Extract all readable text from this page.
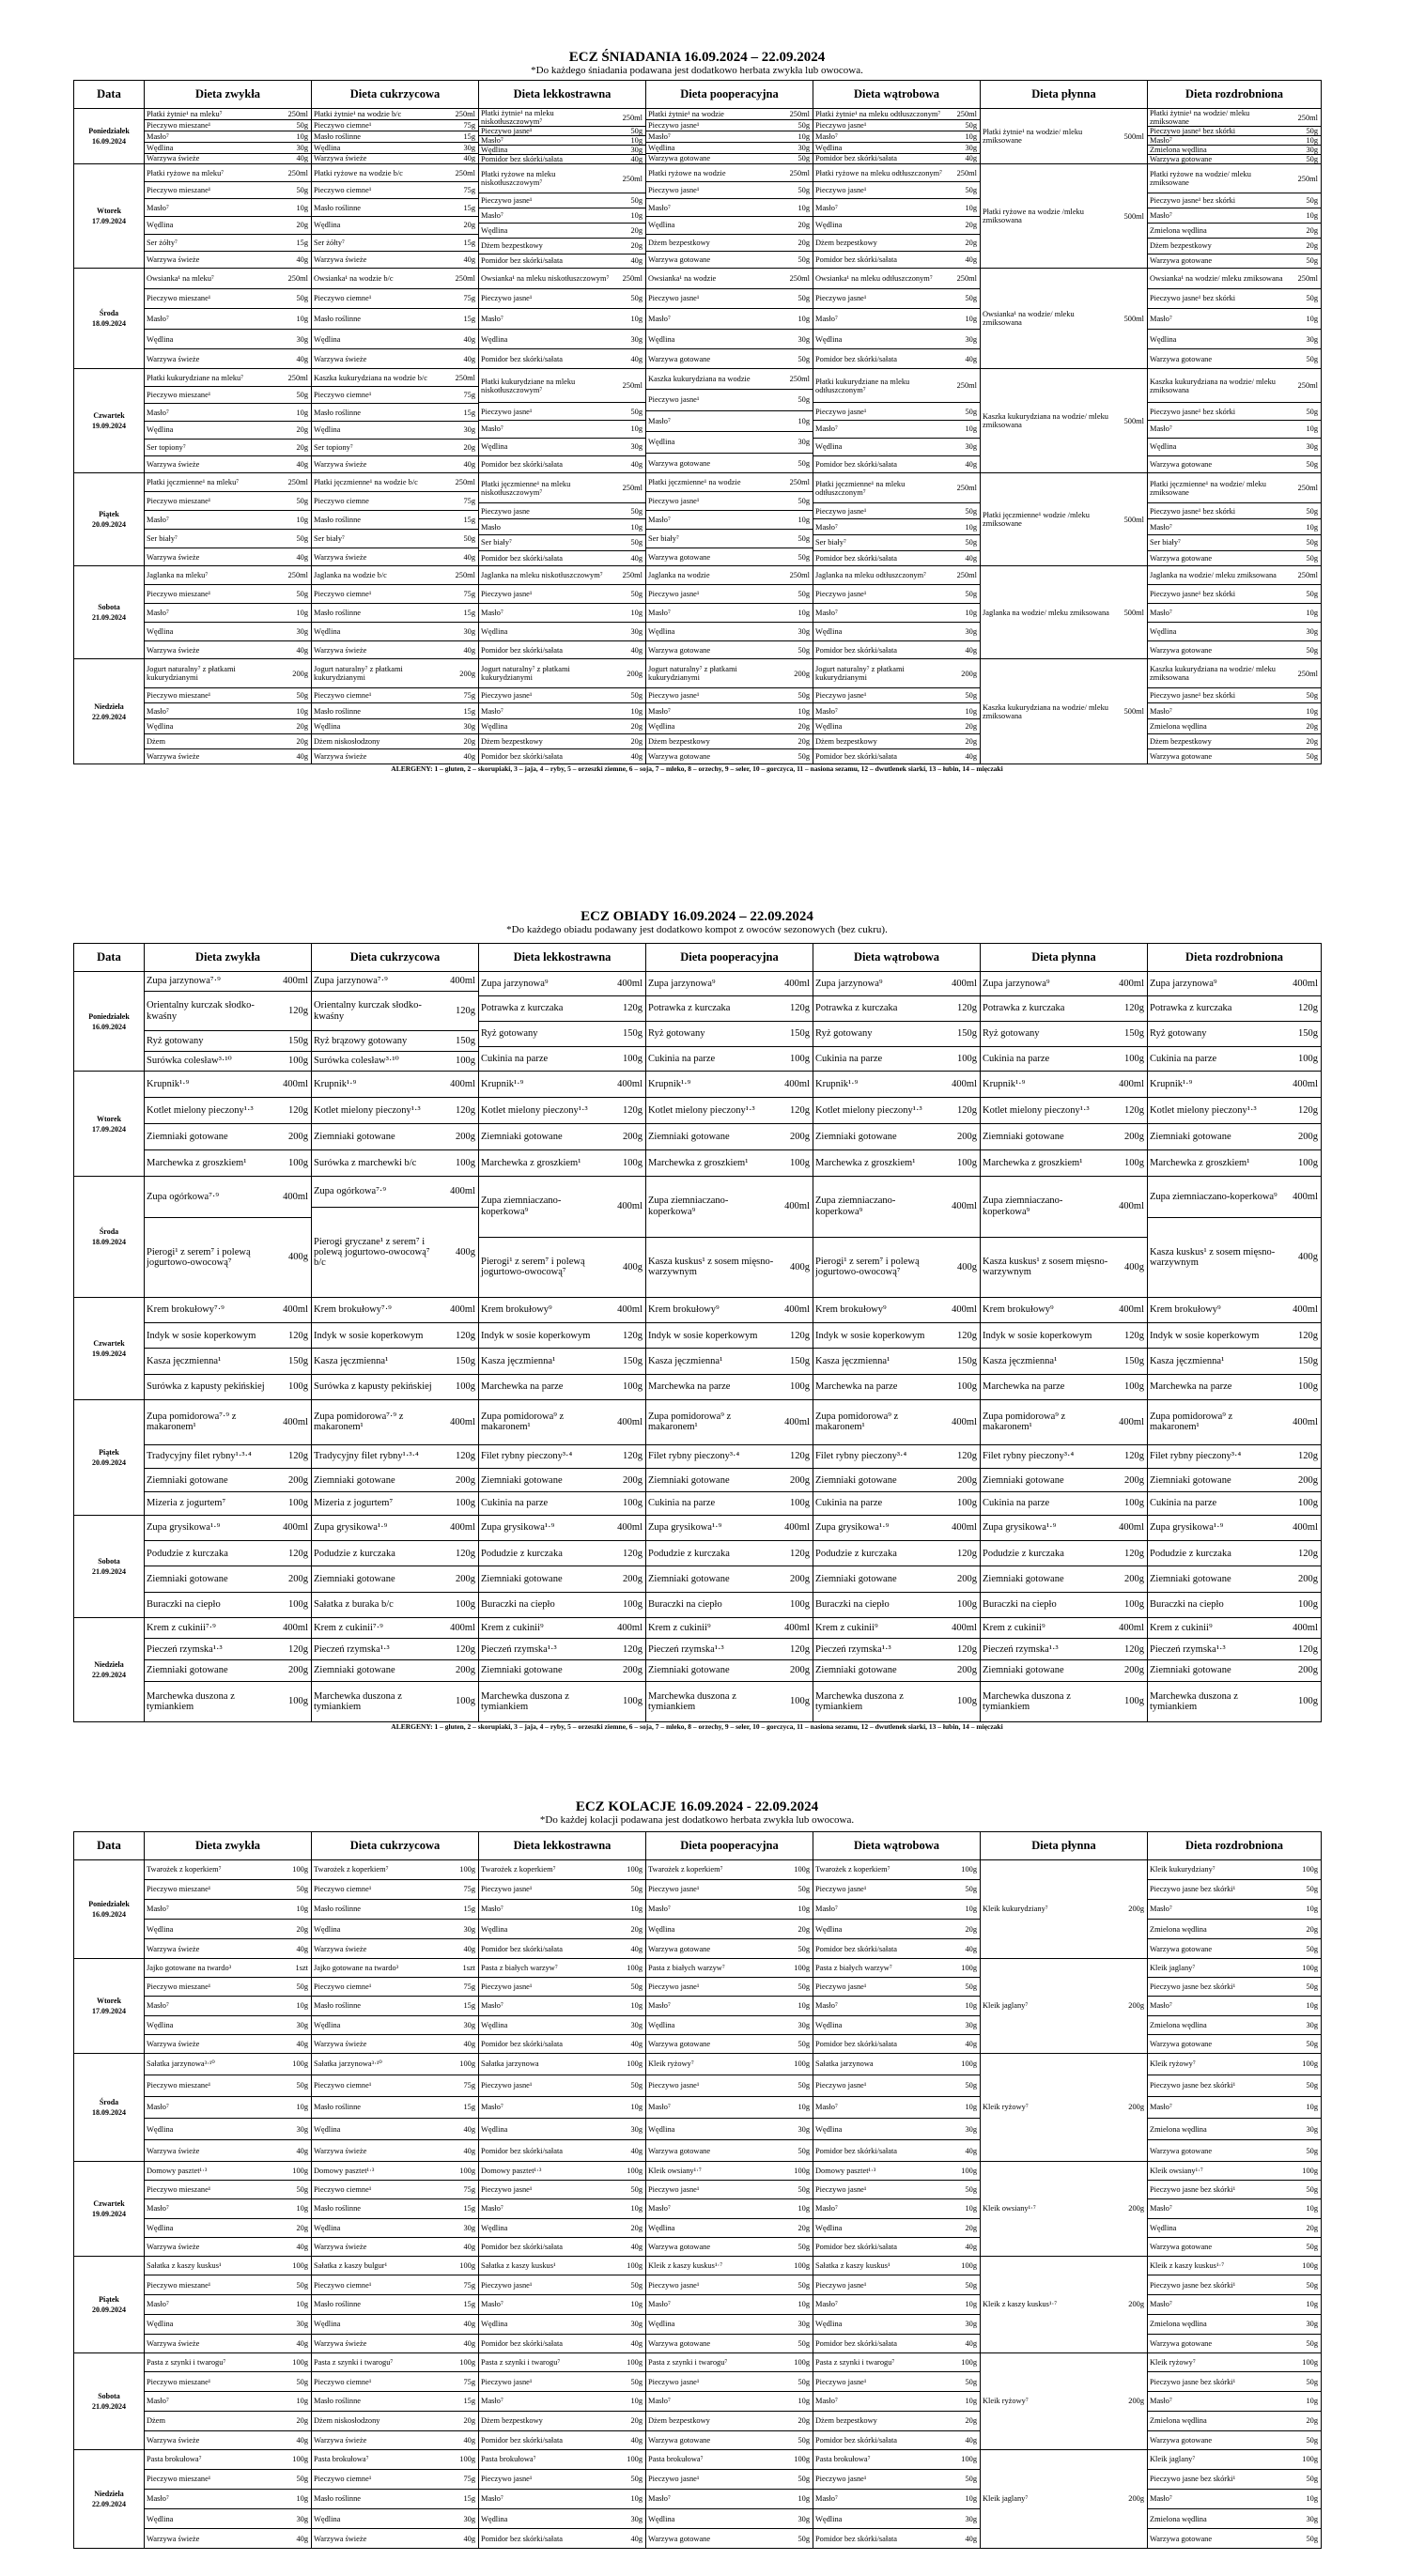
ECZ ŚNIADANIA 16.09.2024 – 22.09.2024
*Do każdego śniadania podawana jest dodatkowo herbata zwykła lub owocowa.
Data	Dieta zwykła	Dieta cukrzycowa	Dieta lekkostrawna	Dieta pooperacyjna	Dieta wątrobowa	Dieta płynna	Dieta rozdrobniona

Poniedziałek
16.09.2024

Płatki żytnie¹ na mleku⁷	250ml
Pieczywo mieszane¹	50g
Masło⁷	10g
Wędlina	30g
Warzywa świeże	40g

Płatki żytnie¹ na wodzie b/c	250ml
Pieczywo ciemne¹	75g
Masło roślinne	15g
Wędlina	30g
Warzywa świeże	40g

Płatki żytnie¹ na mleku niskotłuszczowym⁷	250ml
Pieczywo jasne¹	50g
Masło⁷	10g
Wędlina	30g
Pomidor bez skórki/sałata	40g

Płatki żytnie¹ na wodzie	250ml
Pieczywo jasne¹	50g
Masło⁷	10g
Wędlina	30g
Warzywa gotowane	50g

Płatki żytnie¹ na mleku odtłuszczonym⁷	250ml
Pieczywo jasne¹	50g
Masło⁷	10g
Wędlina	30g
Pomidor bez skórki/sałata	40g

Płatki żytnie¹ na wodzie/ mleku zmiksowane	500ml

Płatki żytnie¹ na wodzie/ mleku zmiksowane	250ml
Pieczywo jasne¹ bez skórki	50g
Masło⁷	10g
Zmielona wędlina	30g
Warzywa gotowane	50g

Wtorek
17.09.2024

Płatki ryżowe na mleku⁷	250ml
Pieczywo mieszane¹	50g
Masło⁷	10g
Wędlina	20g
Ser żółty⁷	15g
Warzywa świeże	40g

Płatki ryżowe na wodzie b/c	250ml
Pieczywo ciemne¹	75g
Masło roślinne	15g
Wędlina	20g
Ser żółty⁷	15g
Warzywa świeże	40g

Płatki ryżowe na mleku niskotłuszczowym⁷	250ml
Pieczywo jasne¹	50g
Masło⁷	10g
Wędlina	20g
Dżem bezpestkowy	20g
Pomidor bez skórki/sałata	40g

Płatki ryżowe na wodzie	250ml
Pieczywo jasne¹	50g
Masło⁷	10g
Wędlina	20g
Dżem bezpestkowy	20g
Warzywa gotowane	50g

Płatki ryżowe na mleku odtłuszczonym⁷	250ml
Pieczywo jasne¹	50g
Masło⁷	10g
Wędlina	20g
Dżem bezpestkowy	20g
Pomidor bez skórki/sałata	40g

Płatki ryżowe na wodzie /mleku zmiksowana	500ml

Płatki ryżowe na wodzie/ mleku zmiksowane	250ml
Pieczywo jasne¹ bez skórki	50g
Masło⁷	10g
Zmielona wędlina	20g
Dżem bezpestkowy	20g
Warzywa gotowane	50g

Środa
18.09.2024

Owsianka¹ na mleku⁷	250ml
Pieczywo mieszane¹	50g
Masło⁷	10g
Wędlina	30g
Warzywa świeże	40g

Owsianka¹ na wodzie b/c	250ml
Pieczywo ciemne¹	75g
Masło roślinne	15g
Wędlina	40g
Warzywa świeże	40g

Owsianka¹ na mleku niskotłuszczowym⁷	250ml
Pieczywo jasne¹	50g
Masło⁷	10g
Wędlina	30g
Pomidor bez skórki/sałata	40g

Owsianka¹ na wodzie	250ml
Pieczywo jasne¹	50g
Masło⁷	10g
Wędlina	30g
Warzywa gotowane	50g

Owsianka¹ na mleku odtłuszczonym⁷	250ml
Pieczywo jasne¹	50g
Masło⁷	10g
Wędlina	30g
Pomidor bez skórki/sałata	40g

Owsianka¹ na wodzie/ mleku zmiksowana	500ml

Owsianka¹ na wodzie/ mleku zmiksowana	250ml
Pieczywo jasne¹ bez skórki	50g
Masło⁷	10g
Wędlina	30g
Warzywa gotowane	50g

Czwartek
19.09.2024

Płatki kukurydziane na mleku⁷	250ml
Pieczywo mieszane¹	50g
Masło⁷	10g
Wędlina	20g
Ser topiony⁷	20g
Warzywa świeże	40g

Kaszka kukurydziana na wodzie b/c	250ml
Pieczywo ciemne¹	75g
Masło roślinne	15g
Wędlina	30g
Ser topiony⁷	20g
Warzywa świeże	40g

Płatki kukurydziane na mleku niskotłuszczowym⁷	250ml
Pieczywo jasne¹	50g
Masło⁷	10g
Wędlina	30g
Pomidor bez skórki/sałata	40g

Kaszka kukurydziana na wodzie	250ml
Pieczywo jasne¹	50g
Masło⁷	10g
Wędlina	30g
Warzywa gotowane	50g

Płatki kukurydziane na mleku odtłuszczonym⁷	250ml
Pieczywo jasne¹	50g
Masło⁷	10g
Wędlina	30g
Pomidor bez skórki/sałata	40g

Kaszka kukurydziana na wodzie/ mleku zmiksowana	500ml

Kaszka kukurydziana na wodzie/ mleku zmiksowana	250ml
Pieczywo jasne¹ bez skórki	50g
Masło⁷	10g
Wędlina	30g
Warzywa gotowane	50g

Piątek
20.09.2024

Płatki jęczmienne¹ na mleku⁷	250ml
Pieczywo mieszane¹	50g
Masło⁷	10g
Ser biały⁷	50g
Warzywa świeże	40g

Płatki jęczmienne¹ na wodzie b/c	250ml
Pieczywo ciemne	75g
Masło roślinne	15g
Ser biały⁷	50g
Warzywa świeże	40g

Płatki jęczmienne¹ na mleku niskotłuszczowym⁷	250ml
Pieczywo jasne	50g
Masło	10g
Ser biały⁷	50g
Pomidor bez skórki/sałata	40g

Płatki jęczmienne¹ na wodzie	250ml
Pieczywo jasne¹	50g
Masło⁷	10g
Ser biały⁷	50g
Warzywa gotowane	50g

Płatki jęczmienne¹ na mleku odtłuszczonym⁷	250ml
Pieczywo jasne¹	50g
Masło⁷	10g
Ser biały⁷	50g
Pomidor bez skórki/sałata	40g

Płatki jęczmienne¹ wodzie /mleku zmiksowane	500ml

Płatki jęczmienne¹ na wodzie/ mleku zmiksowane	250ml
Pieczywo jasne¹ bez skórki	50g
Masło⁷	10g
Ser biały⁷	50g
Warzywa gotowane	50g

Sobota
21.09.2024

Jaglanka na mleku⁷	250ml
Pieczywo mieszane¹	50g
Masło⁷	10g
Wędlina	30g
Warzywa świeże	40g

Jaglanka na wodzie b/c	250ml
Pieczywo ciemne¹	75g
Masło roślinne	15g
Wędlina	30g
Warzywa świeże	40g

Jaglanka na mleku niskotłuszczowym⁷	250ml
Pieczywo jasne¹	50g
Masło⁷	10g
Wędlina	30g
Pomidor bez skórki/sałata	40g

Jaglanka na wodzie	250ml
Pieczywo jasne¹	50g
Masło⁷	10g
Wędlina	30g
Warzywa gotowane	50g

Jaglanka na mleku odtłuszczonym⁷	250ml
Pieczywo jasne¹	50g
Masło⁷	10g
Wędlina	30g
Pomidor bez skórki/sałata	40g

Jaglanka na wodzie/ mleku zmiksowana	500ml

Jaglanka na wodzie/ mleku zmiksowana	250ml
Pieczywo jasne¹ bez skórki	50g
Masło⁷	10g
Wędlina	30g
Warzywa gotowane	50g

Niedziela
22.09.2024

Jogurt naturalny⁷ z płatkami kukurydzianymi	200g
Pieczywo mieszane¹	50g
Masło⁷	10g
Wędlina	20g
Dżem	20g
Warzywa świeże	40g

Jogurt naturalny⁷ z płatkami kukurydzianymi	200g
Pieczywo ciemne¹	75g
Masło roślinne	15g
Wędlina	30g
Dżem niskosłodzony	20g
Warzywa świeże	40g

Jogurt naturalny⁷ z płatkami kukurydzianymi	200g
Pieczywo jasne¹	50g
Masło⁷	10g
Wędlina	20g
Dżem bezpestkowy	20g
Pomidor bez skórki/sałata	40g

Jogurt naturalny⁷ z płatkami kukurydzianymi	200g
Pieczywo jasne¹	50g
Masło⁷	10g
Wędlina	20g
Dżem bezpestkowy	20g
Warzywa gotowane	50g

Jogurt naturalny⁷ z płatkami kukurydzianymi	200g
Pieczywo jasne¹	50g
Masło⁷	10g
Wędlina	20g
Dżem bezpestkowy	20g
Pomidor bez skórki/sałata	40g

Kaszka kukurydziana na wodzie/ mleku zmiksowana	500ml

Kaszka kukurydziana na wodzie/ mleku zmiksowana	250ml
Pieczywo jasne¹ bez skórki	50g
Masło⁷	10g
Zmielona wędlina	20g
Dżem bezpestkowy	20g
Warzywa gotowane	50g
ALERGENY: 1 – gluten, 2 – skorupiaki, 3 – jaja, 4 – ryby, 5 – orzeszki ziemne, 6 – soja, 7 – mleko, 8 – orzechy, 9 – seler, 10 – gorczyca, 11 – nasiona sezamu, 12 – dwutlenek siarki, 13 – łubin, 14 – mięczaki
ECZ OBIADY 16.09.2024 – 22.09.2024
*Do każdego obiadu podawany jest dodatkowo kompot z owoców sezonowych (bez cukru).
Data	Dieta zwykła	Dieta cukrzycowa	Dieta lekkostrawna	Dieta pooperacyjna	Dieta wątrobowa	Dieta płynna	Dieta rozdrobniona

Poniedziałek
16.09.2024

Zupa jarzynowa⁷·⁹	400ml
Orientalny kurczak słodko-kwaśny	120g
Ryż gotowany	150g
Surówka colesław³·¹⁰	100g

Zupa jarzynowa⁷·⁹	400ml
Orientalny kurczak słodko-kwaśny	120g
Ryż brązowy gotowany	150g
Surówka colesław³·¹⁰	100g

Zupa jarzynowa⁹	400ml
Potrawka z kurczaka	120g
Ryż gotowany	150g
Cukinia na parze	100g

Zupa jarzynowa⁹	400ml
Potrawka z kurczaka	120g
Ryż gotowany	150g
Cukinia na parze	100g

Zupa jarzynowa⁹	400ml
Potrawka z kurczaka	120g
Ryż gotowany	150g
Cukinia na parze	100g

Zupa jarzynowa⁹	400ml
Potrawka z kurczaka	120g
Ryż gotowany	150g
Cukinia na parze	100g

Zupa jarzynowa⁹	400ml
Potrawka z kurczaka	120g
Ryż gotowany	150g
Cukinia na parze	100g

Wtorek
17.09.2024

Krupnik¹·⁹	400ml
Kotlet mielony pieczony¹·³	120g
Ziemniaki gotowane	200g
Marchewka z groszkiem¹	100g

Krupnik¹·⁹	400ml
Kotlet mielony pieczony¹·³	120g
Ziemniaki gotowane	200g
Surówka z marchewki b/c	100g

Krupnik¹·⁹	400ml
Kotlet mielony pieczony¹·³	120g
Ziemniaki gotowane	200g
Marchewka z groszkiem¹	100g

Krupnik¹·⁹	400ml
Kotlet mielony pieczony¹·³	120g
Ziemniaki gotowane	200g
Marchewka z groszkiem¹	100g

Krupnik¹·⁹	400ml
Kotlet mielony pieczony¹·³	120g
Ziemniaki gotowane	200g
Marchewka z groszkiem¹	100g

Krupnik¹·⁹	400ml
Kotlet mielony pieczony¹·³	120g
Ziemniaki gotowane	200g
Marchewka z groszkiem¹	100g

Krupnik¹·⁹	400ml
Kotlet mielony pieczony¹·³	120g
Ziemniaki gotowane	200g
Marchewka z groszkiem¹	100g

Środa
18.09.2024

Zupa ogórkowa⁷·⁹	400ml
Pierogi¹ z serem⁷ i polewą jogurtowo-owocową⁷	400g

Zupa ogórkowa⁷·⁹	400ml
Pierogi gryczane¹ z serem⁷ i polewą jogurtowo-owocową⁷ b/c	400g

Zupa ziemniaczano-koperkowa⁹	400ml
Pierogi¹ z serem⁷ i polewą jogurtowo-owocową⁷	400g

Zupa ziemniaczano-koperkowa⁹	400ml
Kasza kuskus¹ z sosem mięsno-warzywnym	400g

Zupa ziemniaczano-koperkowa⁹	400ml
Pierogi¹ z serem⁷ i polewą jogurtowo-owocową⁷	400g

Zupa ziemniaczano-koperkowa⁹	400ml
Kasza kuskus¹ z sosem mięsno-warzywnym	400g

Zupa ziemniaczano-koperkowa⁹	400ml
Kasza kuskus¹ z sosem mięsno-warzywnym	400g

Czwartek
19.09.2024

Krem brokułowy⁷·⁹	400ml
Indyk w sosie koperkowym	120g
Kasza jęczmienna¹	150g
Surówka z kapusty pekińskiej	100g

Krem brokułowy⁷·⁹	400ml
Indyk w sosie koperkowym	120g
Kasza jęczmienna¹	150g
Surówka z kapusty pekińskiej	100g

Krem brokułowy⁹	400ml
Indyk w sosie koperkowym	120g
Kasza jęczmienna¹	150g
Marchewka na parze	100g

Krem brokułowy⁹	400ml
Indyk w sosie koperkowym	120g
Kasza jęczmienna¹	150g
Marchewka na parze	100g

Krem brokułowy⁹	400ml
Indyk w sosie koperkowym	120g
Kasza jęczmienna¹	150g
Marchewka na parze	100g

Krem brokułowy⁹	400ml
Indyk w sosie koperkowym	120g
Kasza jęczmienna¹	150g
Marchewka na parze	100g

Krem brokułowy⁹	400ml
Indyk w sosie koperkowym	120g
Kasza jęczmienna¹	150g
Marchewka na parze	100g

Piątek
20.09.2024

Zupa pomidorowa⁷·⁹ z makaronem¹	400ml
Tradycyjny filet rybny¹·³·⁴	120g
Ziemniaki gotowane	200g
Mizeria z jogurtem⁷	100g

Zupa pomidorowa⁷·⁹ z makaronem¹	400ml
Tradycyjny filet rybny¹·³·⁴	120g
Ziemniaki gotowane	200g
Mizeria z jogurtem⁷	100g

Zupa pomidorowa⁹ z makaronem¹	400ml
Filet rybny pieczony³·⁴	120g
Ziemniaki gotowane	200g
Cukinia na parze	100g

Zupa pomidorowa⁹ z makaronem¹	400ml
Filet rybny pieczony³·⁴	120g
Ziemniaki gotowane	200g
Cukinia na parze	100g

Zupa pomidorowa⁹ z makaronem¹	400ml
Filet rybny pieczony³·⁴	120g
Ziemniaki gotowane	200g
Cukinia na parze	100g

Zupa pomidorowa⁹ z makaronem¹	400ml
Filet rybny pieczony³·⁴	120g
Ziemniaki gotowane	200g
Cukinia na parze	100g

Zupa pomidorowa⁹ z makaronem¹	400ml
Filet rybny pieczony³·⁴	120g
Ziemniaki gotowane	200g
Cukinia na parze	100g

Sobota
21.09.2024

Zupa grysikowa¹·⁹	400ml
Podudzie z kurczaka	120g
Ziemniaki gotowane	200g
Buraczki na ciepło	100g

Zupa grysikowa¹·⁹	400ml
Podudzie z kurczaka	120g
Ziemniaki gotowane	200g
Sałatka z buraka b/c	100g

Zupa grysikowa¹·⁹	400ml
Podudzie z kurczaka	120g
Ziemniaki gotowane	200g
Buraczki na ciepło	100g

Zupa grysikowa¹·⁹	400ml
Podudzie z kurczaka	120g
Ziemniaki gotowane	200g
Buraczki na ciepło	100g

Zupa grysikowa¹·⁹	400ml
Podudzie z kurczaka	120g
Ziemniaki gotowane	200g
Buraczki na ciepło	100g

Zupa grysikowa¹·⁹	400ml
Podudzie z kurczaka	120g
Ziemniaki gotowane	200g
Buraczki na ciepło	100g

Zupa grysikowa¹·⁹	400ml
Podudzie z kurczaka	120g
Ziemniaki gotowane	200g
Buraczki na ciepło	100g

Niedziela
22.09.2024

Krem z cukinii⁷·⁹	400ml
Pieczeń rzymska¹·³	120g
Ziemniaki gotowane	200g
Marchewka duszona z tymiankiem	100g

Krem z cukinii⁷·⁹	400ml
Pieczeń rzymska¹·³	120g
Ziemniaki gotowane	200g
Marchewka duszona z tymiankiem	100g

Krem z cukinii⁹	400ml
Pieczeń rzymska¹·³	120g
Ziemniaki gotowane	200g
Marchewka duszona z tymiankiem	100g

Krem z cukinii⁹	400ml
Pieczeń rzymska¹·³	120g
Ziemniaki gotowane	200g
Marchewka duszona z tymiankiem	100g

Krem z cukinii⁹	400ml
Pieczeń rzymska¹·³	120g
Ziemniaki gotowane	200g
Marchewka duszona z tymiankiem	100g

Krem z cukinii⁹	400ml
Pieczeń rzymska¹·³	120g
Ziemniaki gotowane	200g
Marchewka duszona z tymiankiem	100g

Krem z cukinii⁹	400ml
Pieczeń rzymska¹·³	120g
Ziemniaki gotowane	200g
Marchewka duszona z tymiankiem	100g
ALERGENY: 1 – gluten, 2 – skorupiaki, 3 – jaja, 4 – ryby, 5 – orzeszki ziemne, 6 – soja, 7 – mleko, 8 – orzechy, 9 – seler, 10 – gorczyca, 11 – nasiona sezamu, 12 – dwutlenek siarki, 13 – łubin, 14 – mięczaki
ECZ KOLACJE 16.09.2024 - 22.09.2024
*Do każdej kolacji podawana jest dodatkowo herbata zwykła lub owocowa.
Data	Dieta zwykła	Dieta cukrzycowa	Dieta lekkostrawna	Dieta pooperacyjna	Dieta wątrobowa	Dieta płynna	Dieta rozdrobniona

Poniedziałek
16.09.2024

Twarożek z koperkiem⁷	100g
Pieczywo mieszane¹	50g
Masło⁷	10g
Wędlina	20g
Warzywa świeże	40g

Twarożek z koperkiem⁷	100g
Pieczywo ciemne¹	75g
Masło roślinne	15g
Wędlina	30g
Warzywa świeże	40g

Twarożek z koperkiem⁷	100g
Pieczywo jasne¹	50g
Masło⁷	10g
Wędlina	20g
Pomidor bez skórki/sałata	40g

Twarożek z koperkiem⁷	100g
Pieczywo jasne¹	50g
Masło⁷	10g
Wędlina	20g
Warzywa gotowane	50g

Twarożek z koperkiem⁷	100g
Pieczywo jasne¹	50g
Masło⁷	10g
Wędlina	20g
Pomidor bez skórki/sałata	40g

Kleik kukurydziany⁷	200g

Kleik kukurydziany⁷	100g
Pieczywo jasne bez skórki¹	50g
Masło⁷	10g
Zmielona wędlina	20g
Warzywa gotowane	50g

Wtorek
17.09.2024

Jajko gotowane na twardo³	1szt
Pieczywo mieszane¹	50g
Masło⁷	10g
Wędlina	30g
Warzywa świeże	40g

Jajko gotowane na twardo³	1szt
Pieczywo ciemne¹	75g
Masło roślinne	15g
Wędlina	30g
Warzywa świeże	40g

Pasta z białych warzyw⁷	100g
Pieczywo jasne¹	50g
Masło⁷	10g
Wędlina	30g
Pomidor bez skórki/sałata	40g

Pasta z białych warzyw⁷	100g
Pieczywo jasne¹	50g
Masło⁷	10g
Wędlina	30g
Warzywa gotowane	50g

Pasta z białych warzyw⁷	100g
Pieczywo jasne¹	50g
Masło⁷	10g
Wędlina	30g
Pomidor bez skórki/sałata	40g

Kleik jaglany⁷	200g

Kleik jaglany⁷	100g
Pieczywo jasne bez skórki¹	50g
Masło⁷	10g
Zmielona wędlina	30g
Warzywa gotowane	50g

Środa
18.09.2024

Sałatka jarzynowa³·¹⁰	100g
Pieczywo mieszane¹	50g
Masło⁷	10g
Wędlina	30g
Warzywa świeże	40g

Sałatka jarzynowa³·¹⁰	100g
Pieczywo ciemne¹	75g
Masło roślinne	15g
Wędlina	40g
Warzywa świeże	40g

Sałatka jarzynowa	100g
Pieczywo jasne¹	50g
Masło⁷	10g
Wędlina	30g
Pomidor bez skórki/sałata	40g

Kleik ryżowy⁷	100g
Pieczywo jasne¹	50g
Masło⁷	10g
Wędlina	30g
Warzywa gotowane	50g

Sałatka jarzynowa	100g
Pieczywo jasne¹	50g
Masło⁷	10g
Wędlina	30g
Pomidor bez skórki/sałata	40g

Kleik ryżowy⁷	200g

Kleik ryżowy⁷	100g
Pieczywo jasne bez skórki¹	50g
Masło⁷	10g
Zmielona wędlina	30g
Warzywa gotowane	50g

Czwartek
19.09.2024

Domowy pasztet¹·³	100g
Pieczywo mieszane¹	50g
Masło⁷	10g
Wędlina	20g
Warzywa świeże	40g

Domowy pasztet¹·³	100g
Pieczywo ciemne¹	75g
Masło roślinne	15g
Wędlina	30g
Warzywa świeże	40g

Domowy pasztet¹·³	100g
Pieczywo jasne¹	50g
Masło⁷	10g
Wędlina	20g
Pomidor bez skórki/sałata	40g

Kleik owsiany¹·⁷	100g
Pieczywo jasne¹	50g
Masło⁷	10g
Wędlina	20g
Warzywa gotowane	50g

Domowy pasztet¹·³	100g
Pieczywo jasne¹	50g
Masło⁷	10g
Wędlina	20g
Pomidor bez skórki/sałata	40g

Kleik owsiany¹·⁷	200g

Kleik owsiany¹·⁷	100g
Pieczywo jasne bez skórki¹	50g
Masło⁷	10g
Wędlina	20g
Warzywa gotowane	50g

Piątek
20.09.2024

Sałatka z kaszy kuskus¹	100g
Pieczywo mieszane¹	50g
Masło⁷	10g
Wędlina	30g
Warzywa świeże	40g

Sałatka z kaszy bulgur¹	100g
Pieczywo ciemne¹	75g
Masło roślinne	15g
Wędlina	40g
Warzywa świeże	40g

Sałatka z kaszy kuskus¹	100g
Pieczywo jasne¹	50g
Masło⁷	10g
Wędlina	30g
Pomidor bez skórki/sałata	40g

Kleik z kaszy kuskus¹·⁷	100g
Pieczywo jasne¹	50g
Masło⁷	10g
Wędlina	30g
Warzywa gotowane	50g

Sałatka z kaszy kuskus¹	100g
Pieczywo jasne¹	50g
Masło⁷	10g
Wędlina	30g
Pomidor bez skórki/sałata	40g

Kleik z kaszy kuskus¹·⁷	200g

Kleik z kaszy kuskus¹·⁷	100g
Pieczywo jasne bez skórki¹	50g
Masło⁷	10g
Zmielona wędlina	30g
Warzywa gotowane	50g

Sobota
21.09.2024

Pasta z szynki i twarogu⁷	100g
Pieczywo mieszane¹	50g
Masło⁷	10g
Dżem	20g
Warzywa świeże	40g

Pasta z szynki i twarogu⁷	100g
Pieczywo ciemne¹	75g
Masło roślinne	15g
Dżem niskosłodzony	20g
Warzywa świeże	40g

Pasta z szynki i twarogu⁷	100g
Pieczywo jasne¹	50g
Masło⁷	10g
Dżem bezpestkowy	20g
Pomidor bez skórki/sałata	40g

Pasta z szynki i twarogu⁷	100g
Pieczywo jasne¹	50g
Masło⁷	10g
Dżem bezpestkowy	20g
Warzywa gotowane	50g

Pasta z szynki i twarogu⁷	100g
Pieczywo jasne¹	50g
Masło⁷	10g
Dżem bezpestkowy	20g
Pomidor bez skórki/sałata	40g

Kleik ryżowy⁷	200g

Kleik ryżowy⁷	100g
Pieczywo jasne bez skórki¹	50g
Masło⁷	10g
Zmielona wędlina	20g
Warzywa gotowane	50g

Niedziela
22.09.2024

Pasta brokułowa⁷	100g
Pieczywo mieszane¹	50g
Masło⁷	10g
Wędlina	30g
Warzywa świeże	40g

Pasta brokułowa⁷	100g
Pieczywo ciemne¹	75g
Masło roślinne	15g
Wędlina	30g
Warzywa świeże	40g

Pasta brokułowa⁷	100g
Pieczywo jasne¹	50g
Masło⁷	10g
Wędlina	30g
Pomidor bez skórki/sałata	40g

Pasta brokułowa⁷	100g
Pieczywo jasne¹	50g
Masło⁷	10g
Wędlina	30g
Warzywa gotowane	50g

Pasta brokułowa⁷	100g
Pieczywo jasne¹	50g
Masło⁷	10g
Wędlina	30g
Pomidor bez skórki/sałata	40g

Kleik jaglany⁷	200g

Kleik jaglany⁷	100g
Pieczywo jasne bez skórki¹	50g
Masło⁷	10g
Zmielona wędlina	30g
Warzywa gotowane	50g
